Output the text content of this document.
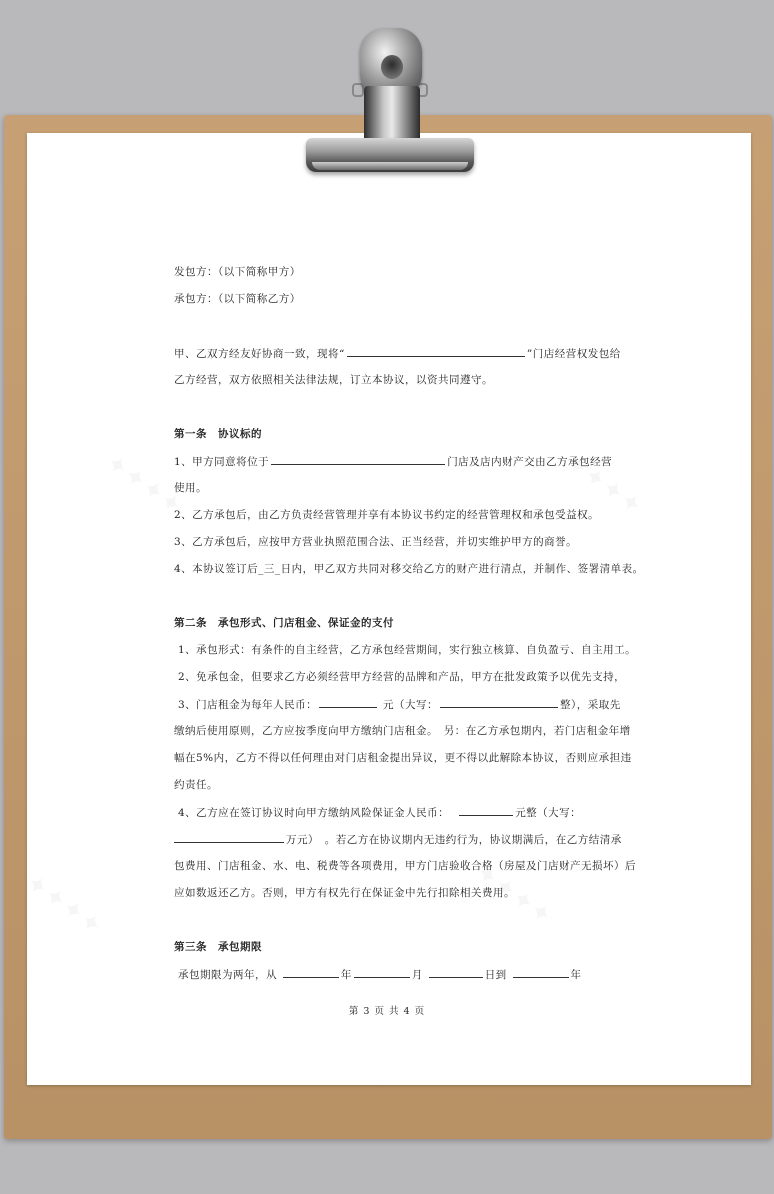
发包方：（以下简称甲方）
承包方：（以下简称乙方）
甲、乙双方经友好协商一致，现将“	”门店经营权发包给
乙方经营，双方依照相关法律法规，订立本协议，以资共同遵守。
第一条　协议标的
1、甲方同意将位于	门店及店内财产交由乙方承包经营
使用。
2、乙方承包后，由乙方负责经营管理并享有本协议书约定的经营管理权和承包受益权。
3、乙方承包后，应按甲方营业执照范围合法、正当经营，并切实维护甲方的商誉。
4、本协议签订后_三_日内，甲乙双方共同对移交给乙方的财产进行清点，并制作、签署清单表。
第二条　承包形式、门店租金、保证金的支付
1、承包形式：有条件的自主经营，乙方承包经营期间，实行独立核算、自负盈亏、自主用工。
2、免承包金，但要求乙方必须经营甲方经营的品牌和产品，甲方在批发政策予以优先支持，
3、门店租金为每年人民币：	元（大写：	整），采取先
缴纳后使用原则，乙方应按季度向甲方缴纳门店租金。　另：在乙方承包期内，若门店租金年增
幅在5%内，乙方不得以任何理由对门店租金提出异议，更不得以此解除本协议，否则应承担违
约责任。
4、乙方应在签订协议时向甲方缴纳风险保证金人民币：	元整（大写：
万元）　。若乙方在协议期内无违约行为，协议期满后，在乙方结清承
包费用、门店租金、水、电、税费等各项费用，甲方门店验收合格（房屋及门店财产无损坏）后
应如数返还乙方。否则，甲方有权先行在保证金中先行扣除相关费用。
第三条　承包期限
承包期限为两年，从	年	月	日到	年
第 3 页 共 4 页
